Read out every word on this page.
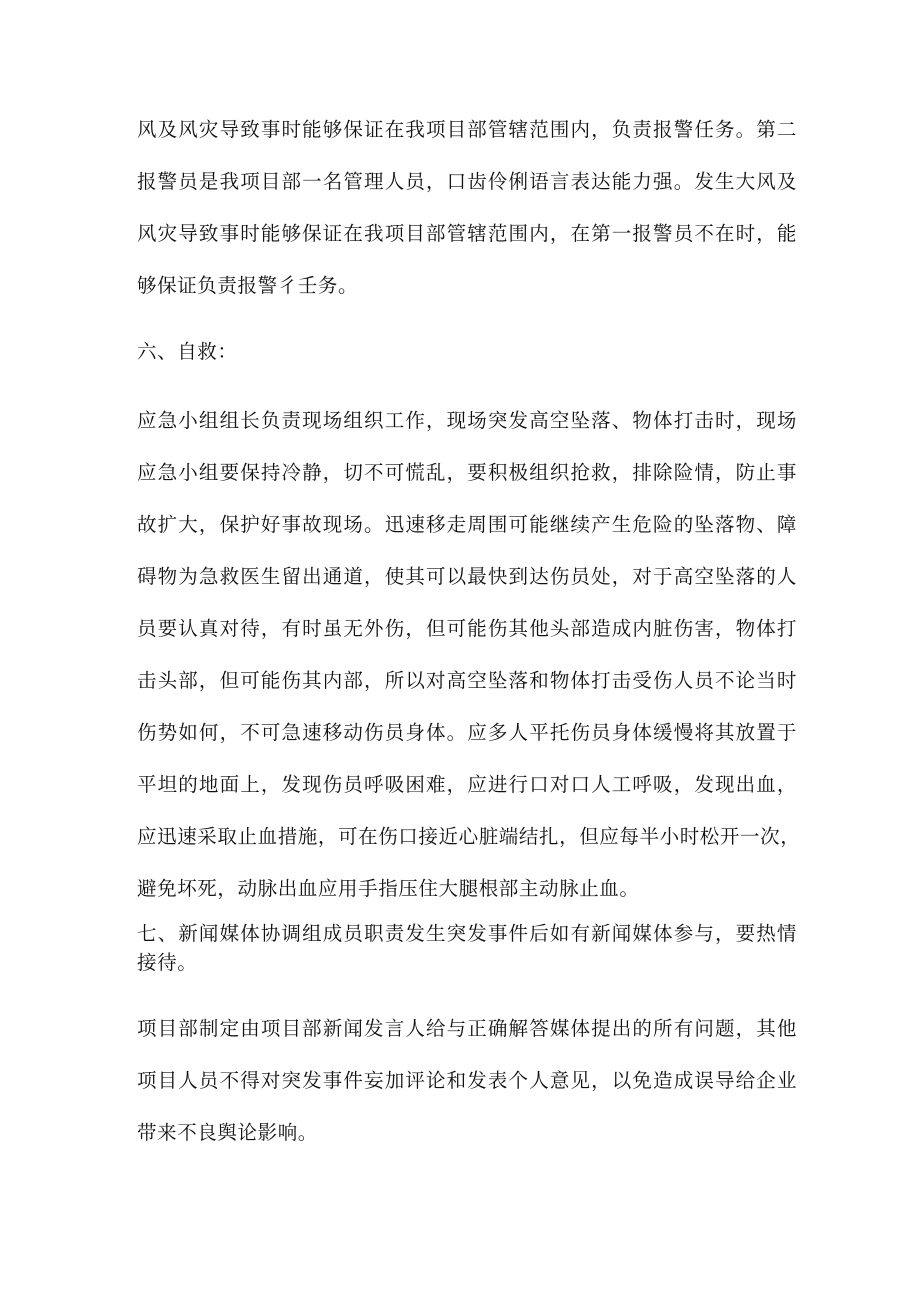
风及风灾导致事时能够保证在我项目部管辖范围内，负责报警任务。第二
报警员是我项目部一名管理人员，口齿伶俐语言表达能力强。发生大风及
风灾导致事时能够保证在我项目部管辖范围内，在第一报警员不在时，能
够保证负责报警彳壬务。
六、自救：
应急小组组长负责现场组织工作，现场突发高空坠落、物体打击时，现场
应急小组要保持冷静，切不可慌乱，要积极组织抢救，排除险情，防止事
故扩大，保护好事故现场。迅速移走周围可能继续产生危险的坠落物、障
碍物为急救医生留出通道，使其可以最快到达伤员处，对于高空坠落的人
员要认真对待，有时虽无外伤，但可能伤其他头部造成内脏伤害，物体打
击头部，但可能伤其内部，所以对高空坠落和物体打击受伤人员不论当时
伤势如何，不可急速移动伤员身体。应多人平托伤员身体缓慢将其放置于
平坦的地面上，发现伤员呼吸困难，应进行口对口人工呼吸，发现出血，
应迅速采取止血措施，可在伤口接近心脏端结扎，但应每半小时松开一次，
避免坏死，动脉出血应用手指压住大腿根部主动脉止血。
七、新闻媒体协调组成员职责发生突发事件后如有新闻媒体参与，要热情
接待。
项目部制定由项目部新闻发言人给与正确解答媒体提出的所有问题，其他
项目人员不得对突发事件妄加评论和发表个人意见，以免造成误导给企业
带来不良舆论影响。
